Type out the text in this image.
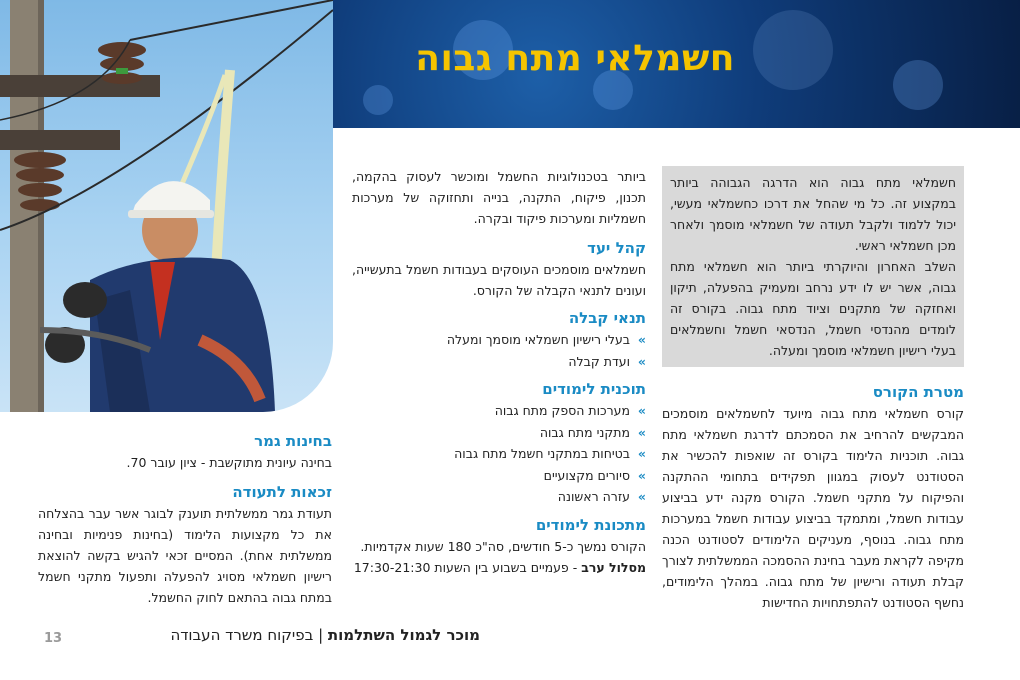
חשמלאי מתח גבוה

חשמלאי מתח גבוה הוא הדרגה הגבוהה ביותר במקצוע זה. כל מי שהחל את דרכו כחשמלאי מעשי, יכול ללמוד ולקבל תעודה של חשמלאי מוסמך ולאחר מכן חשמלאי ראשי.

השלב האחרון והיוקרתי ביותר הוא חשמלאי מתח גבוה, אשר יש לו ידע נרחב ומעמיק בהפעלה, תיקון ואחזקה של מתקנים וציוד מתח גבוה. בקורס זה לומדים מהנדסי חשמל, הנדסאי חשמל וחשמלאים בעלי רישיון חשמלאי מוסמך ומעלה.

מטרת הקורס

קורס חשמלאי מתח גבוה מיועד לחשמלאים מוסמכים המבקשים להרחיב את הסמכתם לדרגת חשמלאי מתח גבוה. תוכניות הלימוד בקורס זה שואפות להכשיר את הסטודנט לעסוק במגוון תפקידים בתחומי ההתקנה והפיקוח על מתקני חשמל. הקורס מקנה ידע בביצוע עבודות חשמל, ומתמקד בביצוע עבודות חשמל במערכות מתח גבוה. בנוסף, מעניקים הלימודים לסטודנט הכנה מקיפה לקראת מעבר בחינת ההסמכה הממשלתית לצורך קבלת תעודה ורישיון של מתח גבוה. במהלך הלימודים, נחשף הסטודנט להתפתחויות החדישות

ביותר בטכנולוגיות החשמל ומוכשר לעסוק בהקמה, תכנון, פיקוח, התקנה, בנייה ותחזוקה של מערכות חשמליות ומערכות פיקוד ובקרה.

קהל יעד

חשמלאים מוסמכים העוסקים בעבודות חשמל בתעשייה, ועונים לתנאי הקבלה של הקורס.

תנאי קבלה

»
בעלי רישיון חשמלאי מוסמך ומעלה
»
ועדת קבלה

תוכנית לימודים

»
מערכות הספק מתח גבוה
»
מתקני מתח גבוה
»
בטיחות במתקני חשמל מתח גבוה
»
סיורים מקצועיים
»
עזרה ראשונה

מתכונת לימודים

הקורס נמשך כ-5 חודשים, סה"כ 180 שעות אקדמיות.

מסלול ערב - פעמיים בשבוע בין השעות 17:30-21:30

בחינות גמר

בחינה עיונית מתוקשבת - ציון עובר 70.

זכאות לתעודה

תעודת גמר ממשלתית תוענק לבוגר אשר עבר בהצלחה את כל מקצועות הלימוד (בחינות פנימיות ובחינה ממשלתית אחת). המסיים זכאי להגיש בקשה להוצאת רישיון חשמלאי מסויג להפעלה ותפעול מתקני חשמל במתח גבוה בהתאם לחוק החשמל.

מוכר לגמול השתלמות | בפיקוח משרד העבודה
13
